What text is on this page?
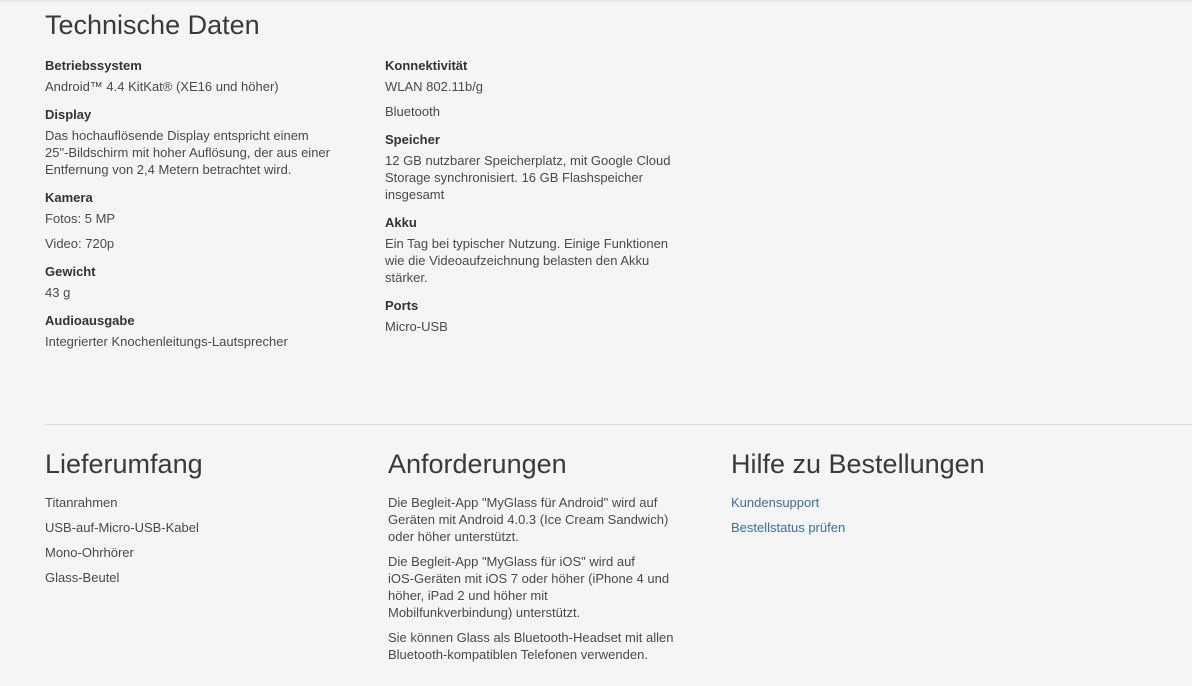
Technische Daten
Betriebssystem
Android™ 4.4 KitKat® (XE16 und höher)
Display
Das hochauflösende Display entspricht einem
25"-Bildschirm mit hoher Auflösung, der aus einer
Entfernung von 2,4 Metern betrachtet wird.
Kamera
Fotos: 5 MP
Video: 720p
Gewicht
43 g
Audioausgabe
Integrierter Knochenleitungs-Lautsprecher
Konnektivität
WLAN 802.11b/g
Bluetooth
Speicher
12 GB nutzbarer Speicherplatz, mit Google Cloud
Storage synchronisiert. 16 GB Flashspeicher
insgesamt
Akku
Ein Tag bei typischer Nutzung. Einige Funktionen
wie die Videoaufzeichnung belasten den Akku
stärker.
Ports
Micro-USB
Lieferumfang
Titanrahmen
USB-auf-Micro-USB-Kabel
Mono-Ohrhörer
Glass-Beutel
Anforderungen
Die Begleit-App "MyGlass für Android" wird auf
Geräten mit Android 4.0.3 (Ice Cream Sandwich)
oder höher unterstützt.
Die Begleit-App "MyGlass für iOS" wird auf
iOS-Geräten mit iOS 7 oder höher (iPhone 4 und
höher, iPad 2 und höher mit
Mobilfunkverbindung) unterstützt.
Sie können Glass als Bluetooth-Headset mit allen
Bluetooth-kompatiblen Telefonen verwenden.
Hilfe zu Bestellungen
Kundensupport
Bestellstatus prüfen
